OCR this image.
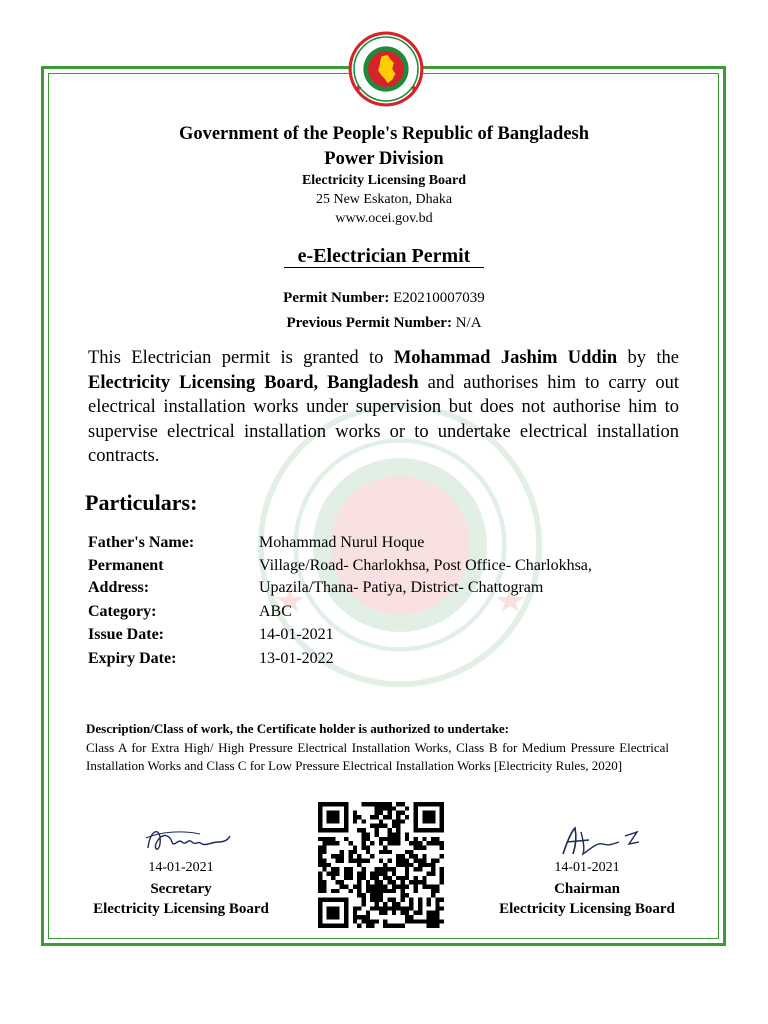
Government of the People's Republic of Bangladesh
Power Division
Electricity Licensing Board
25 New Eskaton, Dhaka
www.ocei.gov.bd
e-Electrician Permit
Permit Number: E20210007039
Previous Permit Number: N/A
This Electrician permit is granted to Mohammad Jashim Uddin by the Electricity Licensing Board, Bangladesh and authorises him to carry out electrical installation works under supervision but does not authorise him to supervise electrical installation works or to undertake electrical installation contracts.
Particulars:
Father's Name:	Mohammad Nurul Hoque
Permanent	Village/Road- Charlokhsa, Post Office- Charlokhsa,
Address:	Upazila/Thana- Patiya, District- Chattogram
Category:	ABC
Issue Date:	14-01-2021
Expiry Date:	13-01-2022
Description/Class of work, the Certificate holder is authorized to undertake:
Class A for Extra High/ High Pressure Electrical Installation Works, Class B for Medium Pressure Electrical Installation Works and Class C for Low Pressure Electrical Installation Works [Electricity Rules, 2020]
14-01-2021
Secretary
Electricity Licensing Board
14-01-2021
Chairman
Electricity Licensing Board
